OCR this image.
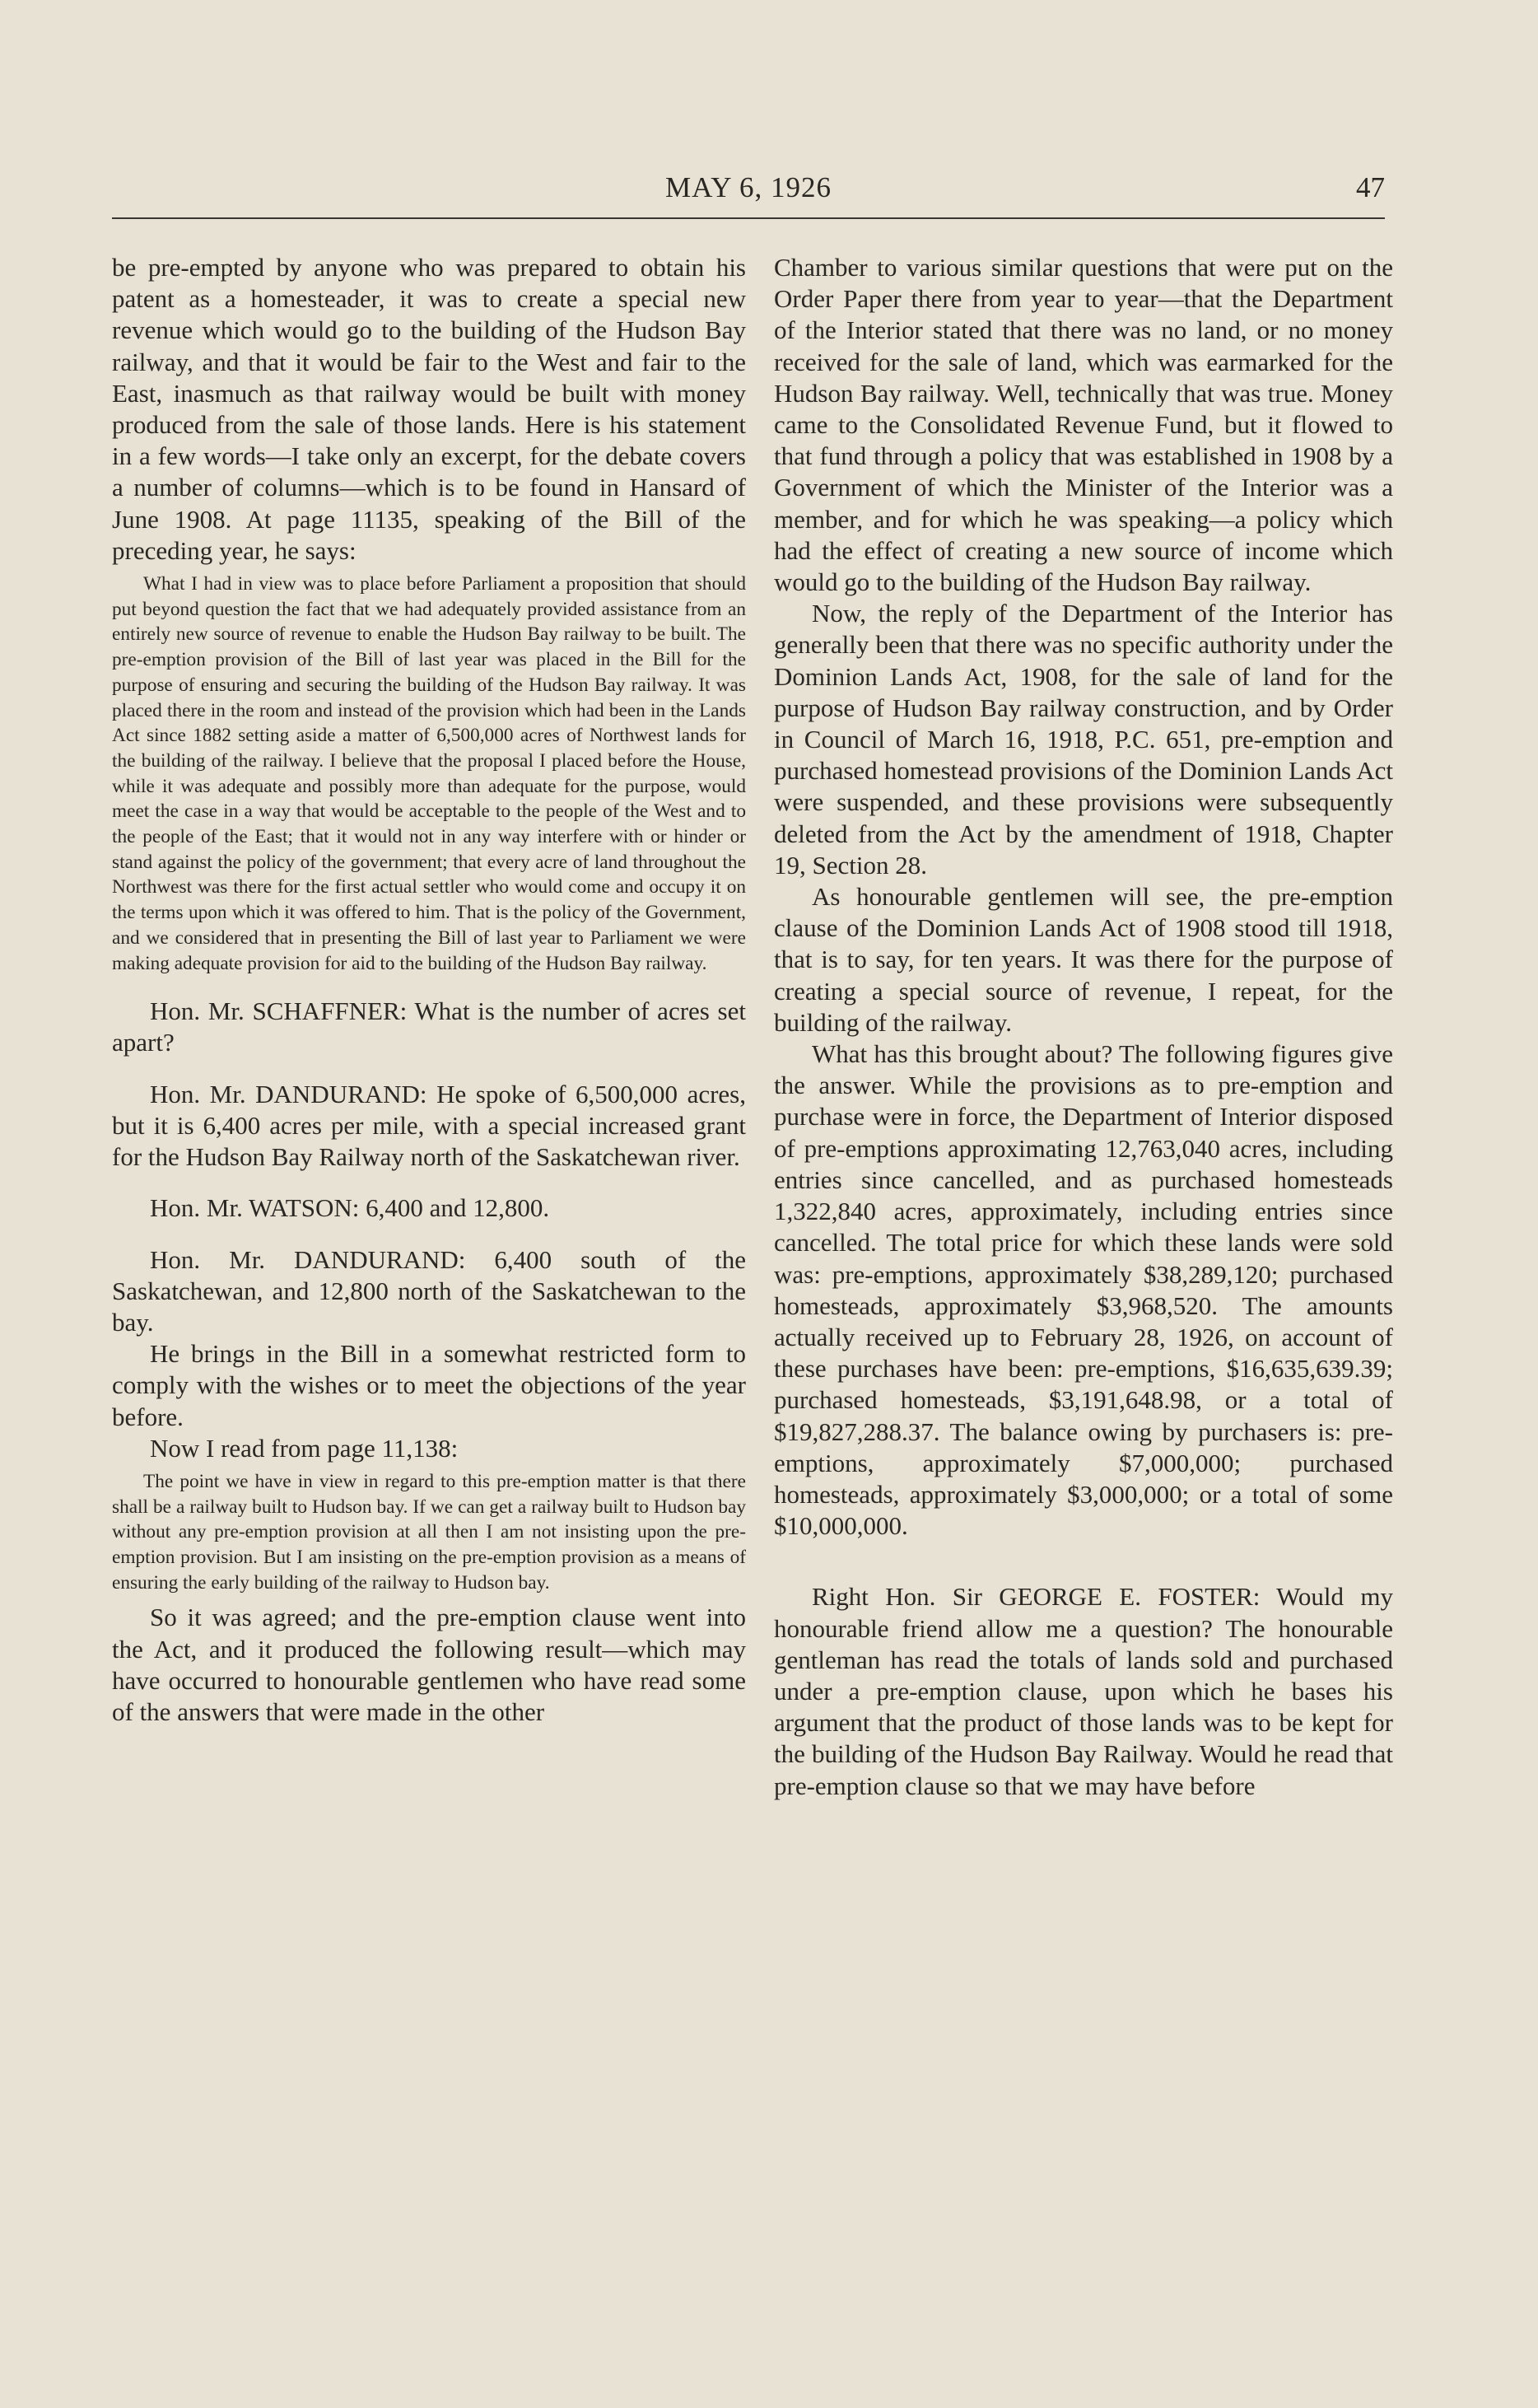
MAY 6, 1926	47

be pre-empted by anyone who was prepared to obtain his patent as a homesteader, it was to create a special new revenue which would go to the building of the Hudson Bay railway, and that it would be fair to the West and fair to the East, inasmuch as that railway would be built with money produced from the sale of those lands. Here is his statement in a few words—I take only an excerpt, for the debate covers a number of columns—which is to be found in Hansard of June 1908. At page 11135, speaking of the Bill of the preceding year, he says:

What I had in view was to place before Parliament a proposition that should put beyond question the fact that we had adequately provided assistance from an entirely new source of revenue to enable the Hudson Bay railway to be built. The pre-emption provision of the Bill of last year was placed in the Bill for the purpose of ensuring and securing the building of the Hudson Bay railway. It was placed there in the room and instead of the provision which had been in the Lands Act since 1882 setting aside a matter of 6,500,000 acres of Northwest lands for the building of the railway. I believe that the proposal I placed before the House, while it was adequate and possibly more than adequate for the purpose, would meet the case in a way that would be acceptable to the people of the West and to the people of the East; that it would not in any way interfere with or hinder or stand against the policy of the government; that every acre of land throughout the Northwest was there for the first actual settler who would come and occupy it on the terms upon which it was offered to him. That is the policy of the Government, and we considered that in presenting the Bill of last year to Parliament we were making adequate provision for aid to the building of the Hudson Bay railway.

Hon. Mr. SCHAFFNER: What is the number of acres set apart?

Hon. Mr. DANDURAND: He spoke of 6,500,000 acres, but it is 6,400 acres per mile, with a special increased grant for the Hudson Bay Railway north of the Saskatchewan river.

Hon. Mr. WATSON: 6,400 and 12,800.

Hon. Mr. DANDURAND: 6,400 south of the Saskatchewan, and 12,800 north of the Saskatchewan to the bay.

He brings in the Bill in a somewhat restricted form to comply with the wishes or to meet the objections of the year before.

Now I read from page 11,138:

The point we have in view in regard to this pre-emption matter is that there shall be a railway built to Hudson bay. If we can get a railway built to Hudson bay without any pre-emption provision at all then I am not insisting upon the pre-emption provision. But I am insisting on the pre-emption provision as a means of ensuring the early building of the railway to Hudson bay.

So it was agreed; and the pre-emption clause went into the Act, and it produced the following result—which may have occurred to honourable gentlemen who have read some of the answers that were made in the other

Chamber to various similar questions that were put on the Order Paper there from year to year—that the Department of the Interior stated that there was no land, or no money received for the sale of land, which was earmarked for the Hudson Bay railway. Well, technically that was true. Money came to the Consolidated Revenue Fund, but it flowed to that fund through a policy that was established in 1908 by a Government of which the Minister of the Interior was a member, and for which he was speaking—a policy which had the effect of creating a new source of income which would go to the building of the Hudson Bay railway.

Now, the reply of the Department of the Interior has generally been that there was no specific authority under the Dominion Lands Act, 1908, for the sale of land for the purpose of Hudson Bay railway construction, and by Order in Council of March 16, 1918, P.C. 651, pre-emption and purchased homestead provisions of the Dominion Lands Act were suspended, and these provisions were subsequently deleted from the Act by the amendment of 1918, Chapter 19, Section 28.

As honourable gentlemen will see, the pre-emption clause of the Dominion Lands Act of 1908 stood till 1918, that is to say, for ten years. It was there for the purpose of creating a special source of revenue, I repeat, for the building of the railway.

What has this brought about? The following figures give the answer. While the provisions as to pre-emption and purchase were in force, the Department of Interior disposed of pre-emptions approximating 12,763,040 acres, including entries since cancelled, and as purchased homesteads 1,322,840 acres, approximately, including entries since cancelled. The total price for which these lands were sold was: pre-emptions, approximately $38,289,120; purchased homesteads, approximately $3,968,520. The amounts actually received up to February 28, 1926, on account of these purchases have been: pre-emptions, $16,635,639.39; purchased homesteads, $3,191,648.98, or a total of $19,827,288.37. The balance owing by purchasers is: pre-emptions, approximately $7,000,000; purchased homesteads, approximately $3,000,000; or a total of some $10,000,000.

Right Hon. Sir GEORGE E. FOSTER: Would my honourable friend allow me a question? The honourable gentleman has read the totals of lands sold and purchased under a pre-emption clause, upon which he bases his argument that the product of those lands was to be kept for the building of the Hudson Bay Railway. Would he read that pre-emption clause so that we may have before
